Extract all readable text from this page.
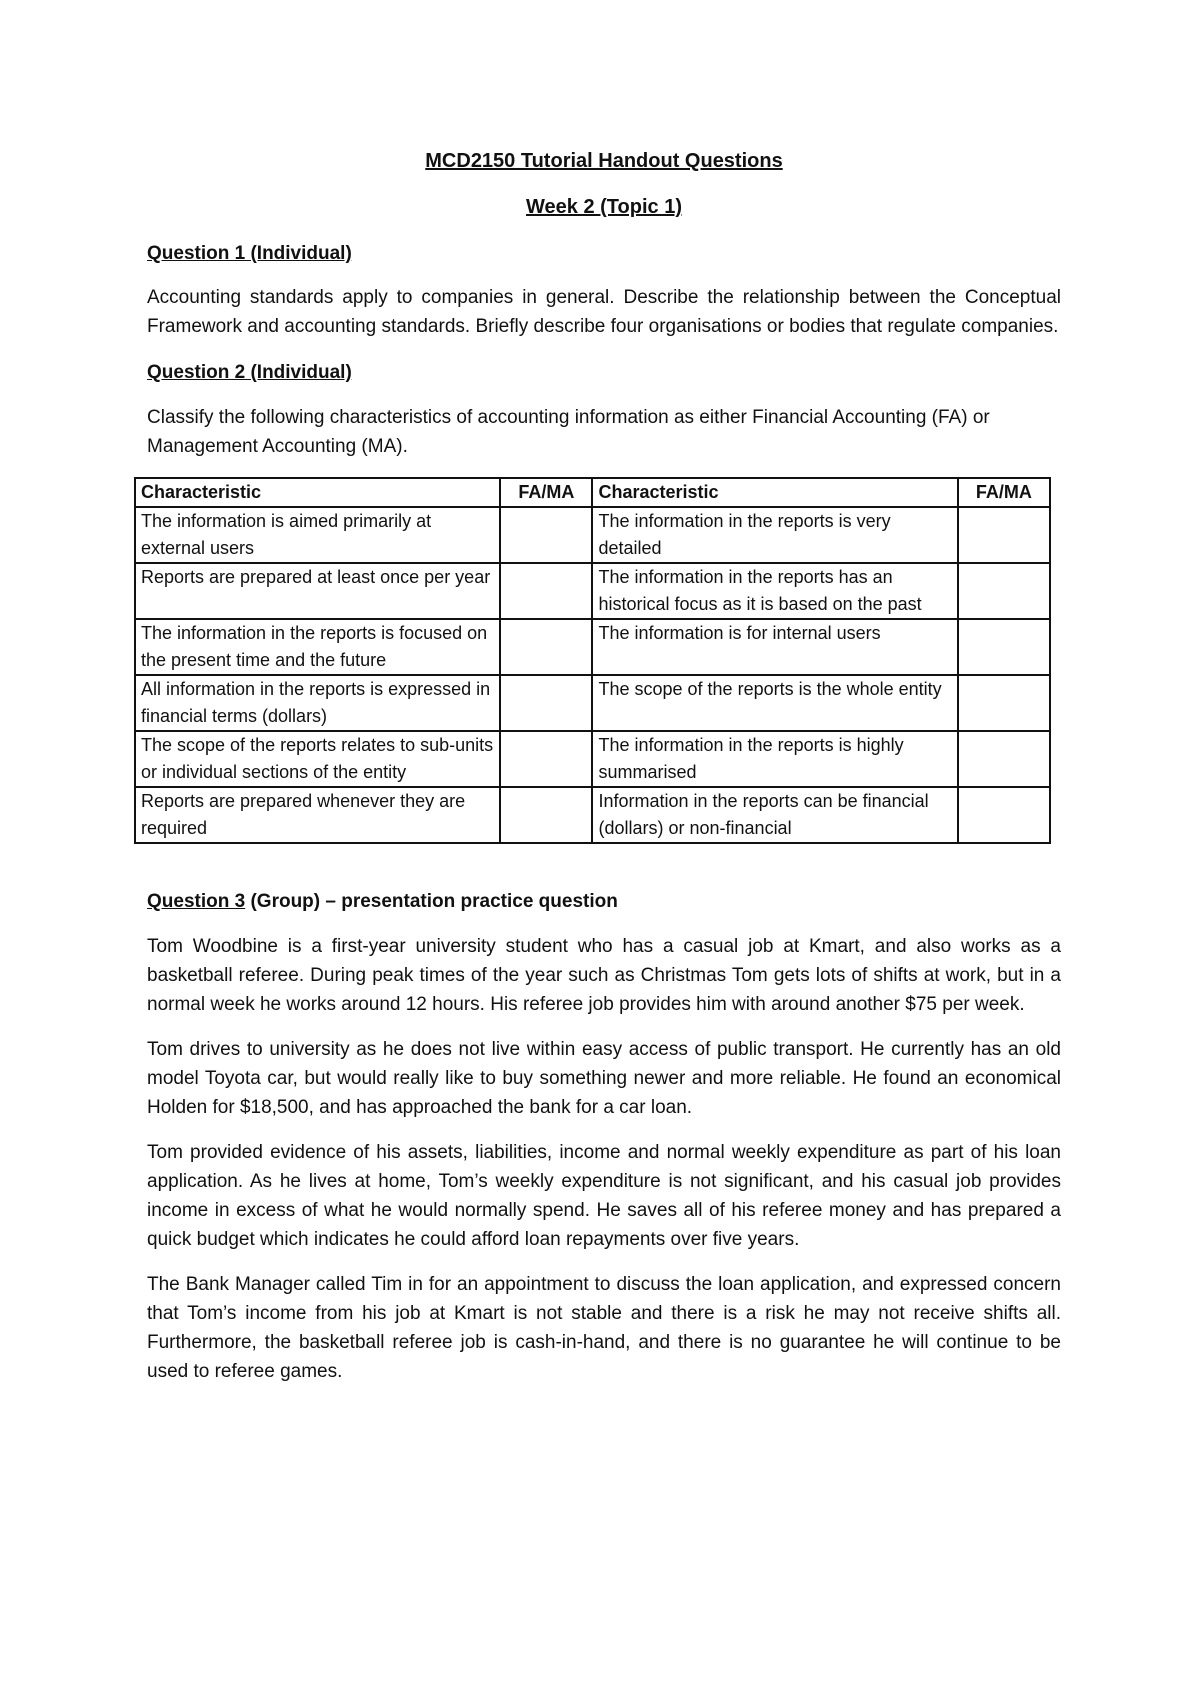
MCD2150 Tutorial Handout Questions
Week 2 (Topic 1)
Question 1 (Individual)

Accounting standards apply to companies in general. Describe the relationship between the Conceptual Framework and accounting standards. Briefly describe four organisations or bodies that regulate companies.

Question 2 (Individual)

Classify the following characteristics of accounting information as either Financial Accounting (FA) or Management Accounting (MA).

Characteristic	FA/MA	Characteristic	FA/MA
The information is aimed primarily at external users		The information in the reports is very detailed	
Reports are prepared at least once per year		The information in the reports has an historical focus as it is based on the past	
The information in the reports is focused on the present time and the future		The information is for internal users	
All information in the reports is expressed in financial terms (dollars)		The scope of the reports is the whole entity	
The scope of the reports relates to sub-units or individual sections of the entity		The information in the reports is highly summarised	
Reports are prepared whenever they are required		Information in the reports can be financial (dollars) or non-financial	
Question 3 (Group) – presentation practice question

Tom Woodbine is a first-year university student who has a casual job at Kmart, and also works as a basketball referee. During peak times of the year such as Christmas Tom gets lots of shifts at work, but in a normal week he works around 12 hours. His referee job provides him with around another $75 per week.

Tom drives to university as he does not live within easy access of public transport. He currently has an old model Toyota car, but would really like to buy something newer and more reliable. He found an economical Holden for $18,500, and has approached the bank for a car loan.

Tom provided evidence of his assets, liabilities, income and normal weekly expenditure as part of his loan application. As he lives at home, Tom’s weekly expenditure is not significant, and his casual job provides income in excess of what he would normally spend. He saves all of his referee money and has prepared a quick budget which indicates he could afford loan repayments over five years.

The Bank Manager called Tim in for an appointment to discuss the loan application, and expressed concern that Tom’s income from his job at Kmart is not stable and there is a risk he may not receive shifts all. Furthermore, the basketball referee job is cash-in-hand, and there is no guarantee he will continue to be used to referee games.
